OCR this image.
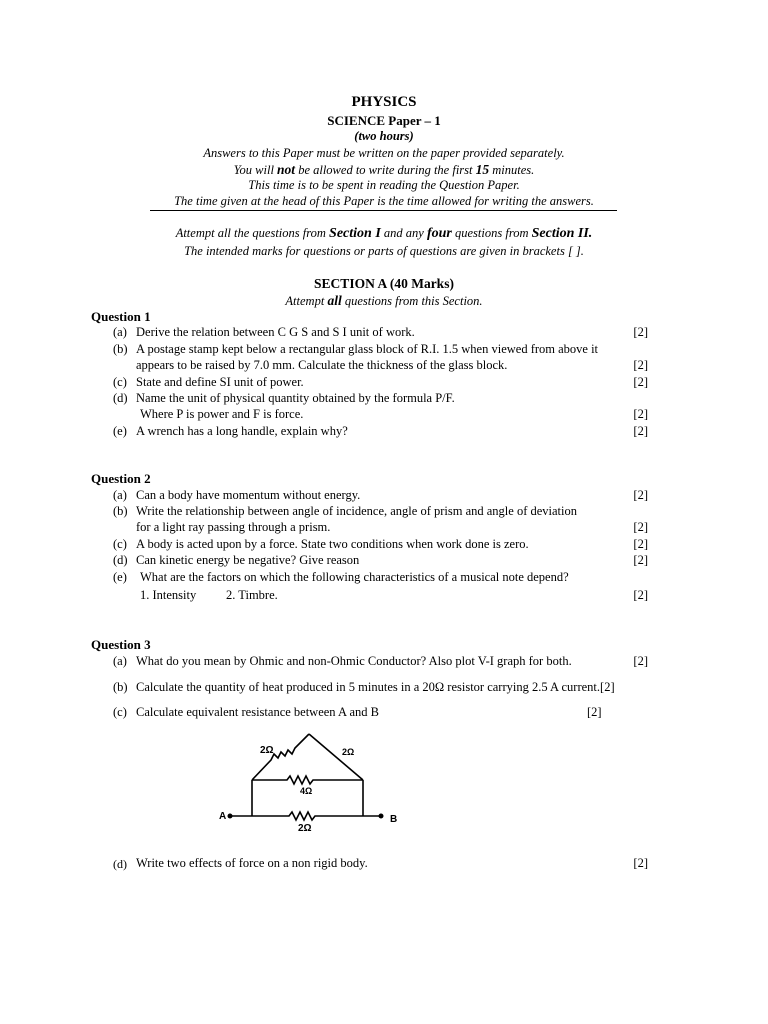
PHYSICS
SCIENCE Paper – 1
(two hours)
Answers to this Paper must be written on the paper provided separately.
You will not be allowed to write during the first 15 minutes.
This time is to be spent in reading the Question Paper.
The time given at the head of this Paper is the time allowed for writing the answers.
Attempt all the questions from Section I and any four questions from Section II.
The intended marks for questions or parts of questions are given in brackets [ ].
SECTION A (40 Marks)
Attempt all questions from this Section.
Question 1
(a) Derive the relation between C G S and S I unit of work.	[2]
(b) A postage stamp kept below a rectangular glass block of R.I. 1.5 when viewed from above it
appears to be raised by 7.0 mm. Calculate the thickness of the glass block.	[2]
(c) State and define SI unit of power.	[2]
(d) Name the unit of physical quantity obtained by the formula P/F.
Where P is power and F is force.	[2]
(e) A wrench has a long handle, explain why?	[2]
Question 2
(a) Can a body have momentum without energy.	[2]
(b) Write the relationship between angle of incidence, angle of prism and angle of deviation
for a light ray passing through a prism.	[2]
(c) A body is acted upon by a force. State two conditions when work done is zero.	[2]
(d) Can kinetic energy be negative? Give reason	[2]
(e) What are the factors on which the following characteristics of a musical note depend?
1. Intensity 2. Timbre.	[2]
Question 3
(a) What do you mean by Ohmic and non-Ohmic Conductor? Also plot V-I graph for both.	[2]
(b) Calculate the quantity of heat produced in 5 minutes in a 20Ω resistor carrying 2.5 A current.[2]
(c) Calculate equivalent resistance between A and B	[2]
2Ω	2Ω
4Ω
2Ω
A	B
(d) Write two effects of force on a non rigid body.	[2]
